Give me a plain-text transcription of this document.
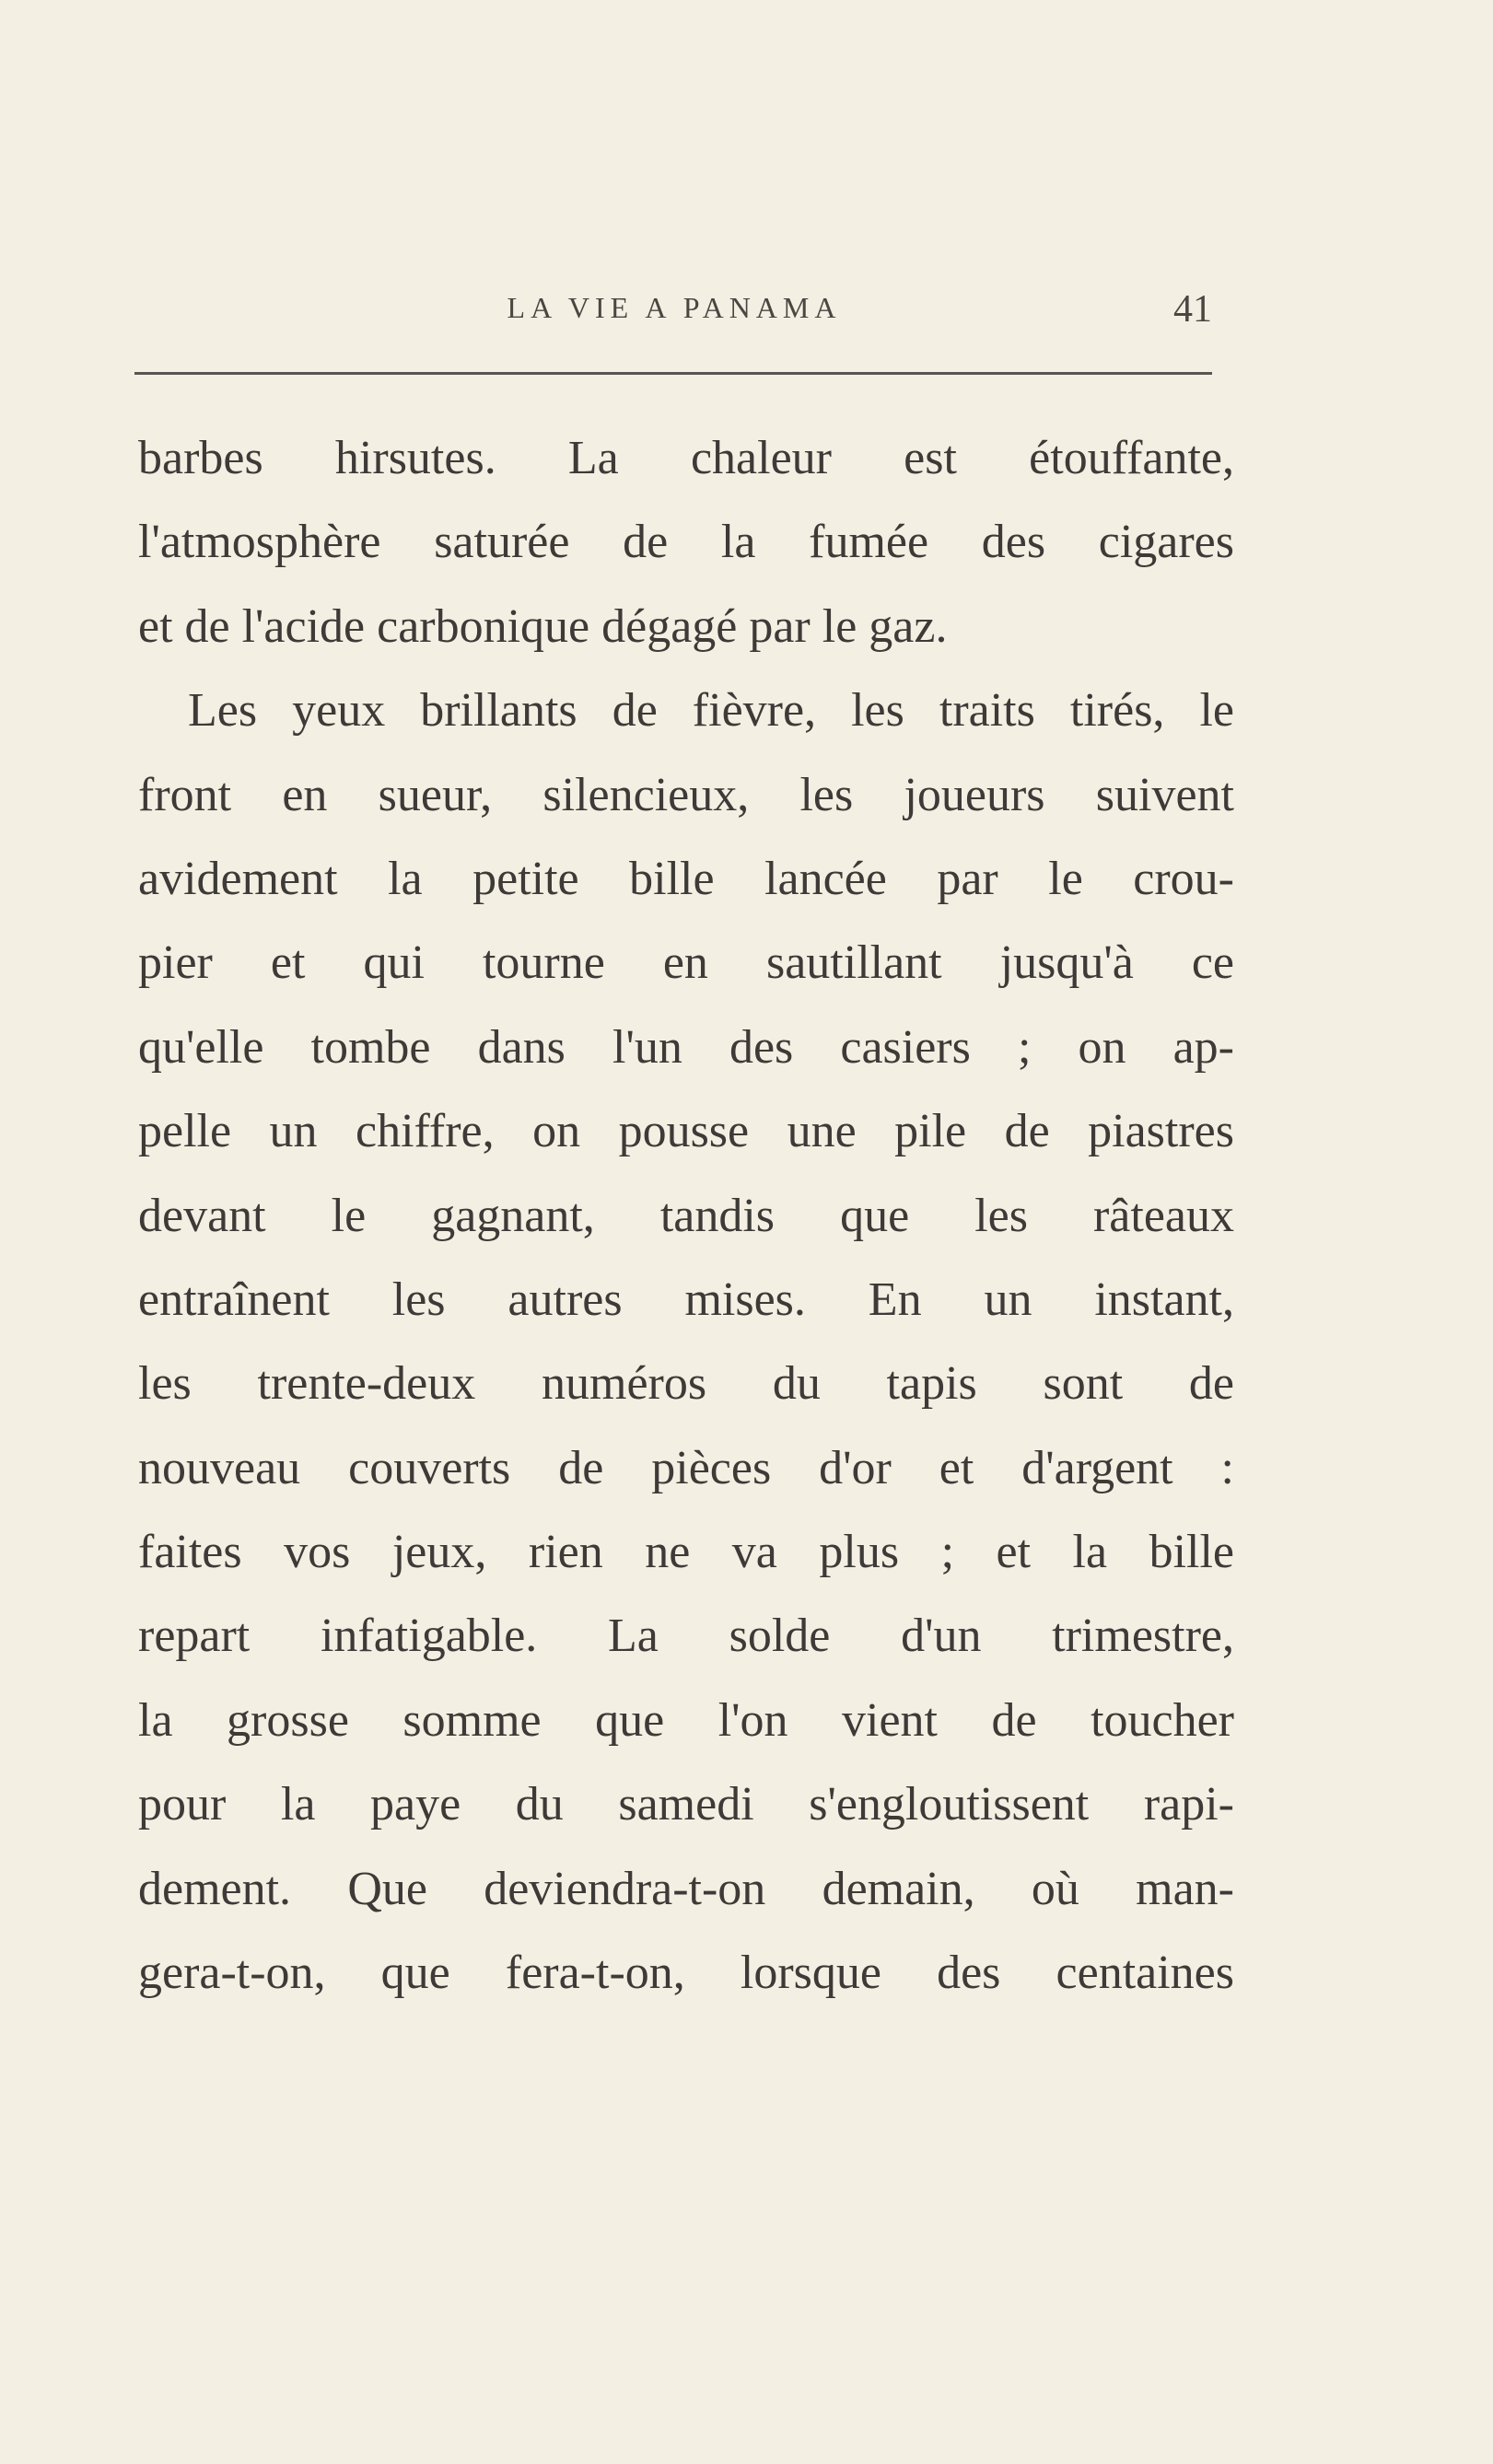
LA VIE A PANAMA	41
barbes hirsutes. La chaleur est étouffante,
l'atmosphère saturée de la fumée des cigares
et de l'acide carbonique dégagé par le gaz.
Les yeux brillants de fièvre, les traits tirés, le
front en sueur, silencieux, les joueurs suivent
avidement la petite bille lancée par le crou-
pier et qui tourne en sautillant jusqu'à ce
qu'elle tombe dans l'un des casiers ; on ap-
pelle un chiffre, on pousse une pile de piastres
devant le gagnant, tandis que les râteaux
entraînent les autres mises. En un instant,
les trente-deux numéros du tapis sont de
nouveau couverts de pièces d'or et d'argent :
faites vos jeux, rien ne va plus ; et la bille
repart infatigable. La solde d'un trimestre,
la grosse somme que l'on vient de toucher
pour la paye du samedi s'engloutissent rapi-
dement. Que deviendra-t-on demain, où man-
gera-t-on, que fera-t-on, lorsque des centaines
